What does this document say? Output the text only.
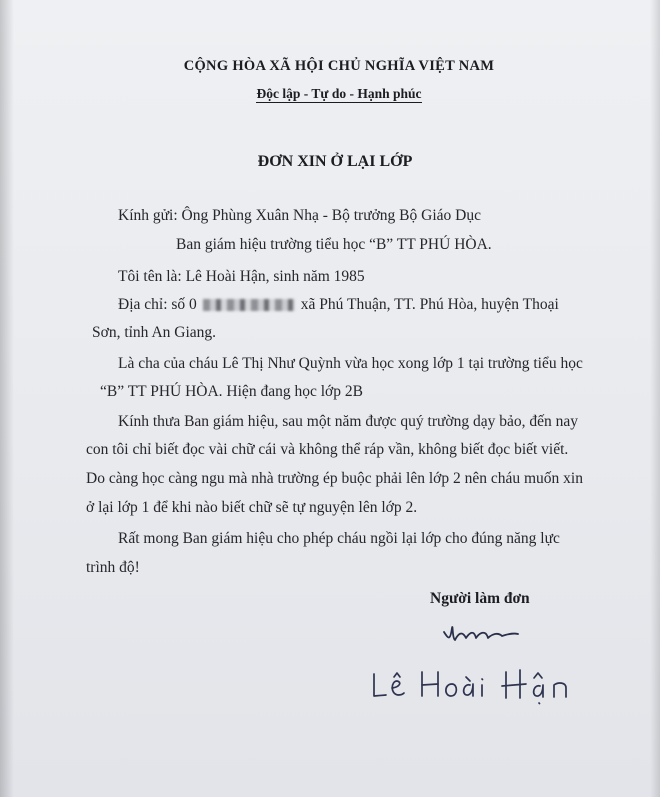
CỘNG HÒA XÃ HỘI CHỦ NGHĨA VIỆT NAM
Độc lập - Tự do - Hạnh phúc
ĐƠN XIN Ở LẠI LỚP
Kính gửi: Ông Phùng Xuân Nhạ - Bộ trưởng Bộ Giáo Dục
Ban giám hiệu trường tiểu học “B” TT PHÚ HÒA.
Tôi tên là: Lê Hoài Hận, sinh năm 1985
Địa chỉ: số 0	xã Phú Thuận, TT. Phú Hòa, huyện Thoại
Sơn, tỉnh An Giang.
Là cha của cháu Lê Thị Như Quỳnh vừa học xong lớp 1 tại trường tiểu học
“B” TT PHÚ HÒA. Hiện đang học lớp 2B
Kính thưa Ban giám hiệu, sau một năm được quý trường dạy bảo, đến nay
con tôi chỉ biết đọc vài chữ cái và không thể ráp vần, không biết đọc biết viết.
Do càng học càng ngu mà nhà trường ép buộc phải lên lớp 2 nên cháu muốn xin
ở lại lớp 1 để khi nào biết chữ sẽ tự nguyện lên lớp 2.
Rất mong Ban giám hiệu cho phép cháu ngồi lại lớp cho đúng năng lực
trình độ!
Người làm đơn
